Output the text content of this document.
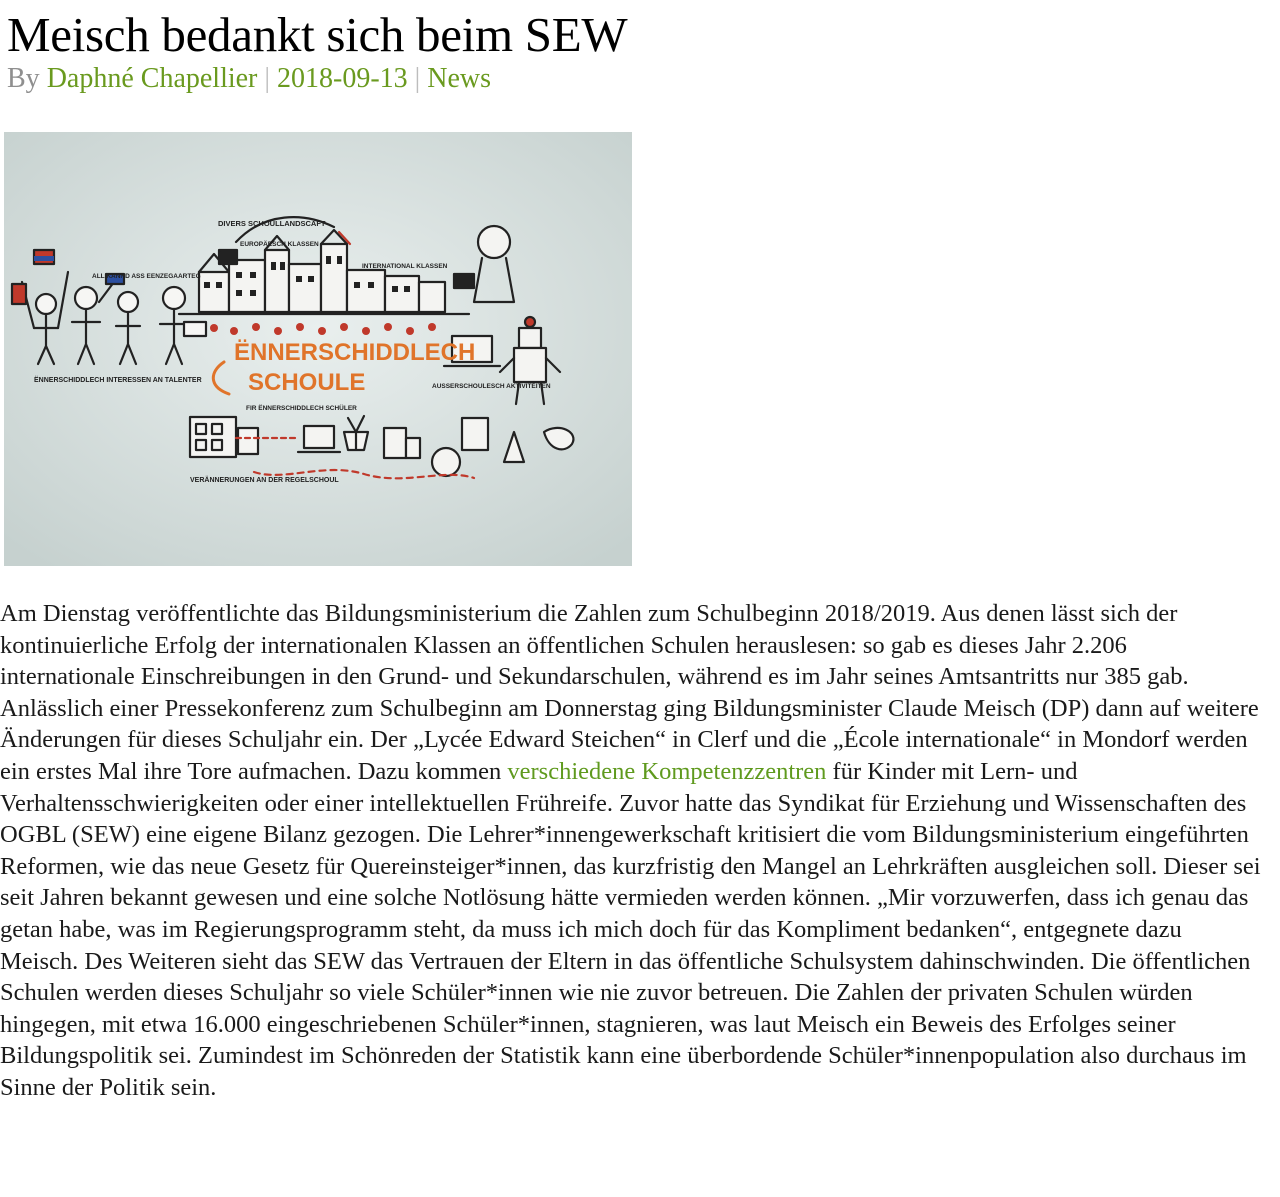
Meisch bedankt sich beim SEW
By Daphné Chapellier | 2018-09-13 | News
DIVERS SCHOULLANDSCAFT
EUROPÄESCH KLASSEN
INTERNATIONAL KLASSEN
ALL KANND ASS EENZEGAARTEG
ËNNERSCHIDDLECH INTERESSEN AN TALENTER
AUSSERSCHOULESCH AKTIVITÉITEN
FIR ËNNERSCHIDDLECH SCHÜLER
VERÄNNERUNGEN AN DER REGELSCHOUL
ËNNERSCHIDDLECH
SCHOULE
Am Dienstag veröffentlichte das Bildungsministerium die Zahlen zum Schulbeginn 2018/2019. Aus denen lässt sich der kontinuierliche Erfolg der internationalen Klassen an öffentlichen Schulen herauslesen: so gab es dieses Jahr 2.206 internationale Einschreibungen in den Grund- und Sekundarschulen, während es im Jahr seines Amtsantritts nur 385 gab. Anlässlich einer Pressekonferenz zum Schulbeginn am Donnerstag ging Bildungsminister Claude Meisch (DP) dann auf weitere Änderungen für dieses Schuljahr ein. Der „Lycée Edward Steichen“ in Clerf und die „École internationale“ in Mondorf werden ein erstes Mal ihre Tore aufmachen. Dazu kommen verschiedene Kompetenzzentren für Kinder mit Lern- und Verhaltensschwierigkeiten oder einer intellektuellen Frühreife. Zuvor hatte das Syndikat für Erziehung und Wissenschaften des OGBL (SEW) eine eigene Bilanz gezogen. Die Lehrer*innengewerkschaft kritisiert die vom Bildungsministerium eingeführten Reformen, wie das neue Gesetz für Quereinsteiger*innen, das kurzfristig den Mangel an Lehrkräften ausgleichen soll. Dieser sei seit Jahren bekannt gewesen und eine solche Notlösung hätte vermieden werden können. „Mir vorzuwerfen, dass ich genau das getan habe, was im Regierungsprogramm steht, da muss ich mich doch für das Kompliment bedanken“, entgegnete dazu Meisch. Des Weiteren sieht das SEW das Vertrauen der Eltern in das öffentliche Schulsystem dahinschwinden. Die öffentlichen Schulen werden dieses Schuljahr so viele Schüler*innen wie nie zuvor betreuen. Die Zahlen der privaten Schulen würden hingegen, mit etwa 16.000 eingeschriebenen Schüler*innen, stagnieren, was laut Meisch ein Beweis des Erfolges seiner Bildungspolitik sei. Zumindest im Schönreden der Statistik kann eine überbordende Schüler*innenpopulation also durchaus im Sinne der Politik sein.
